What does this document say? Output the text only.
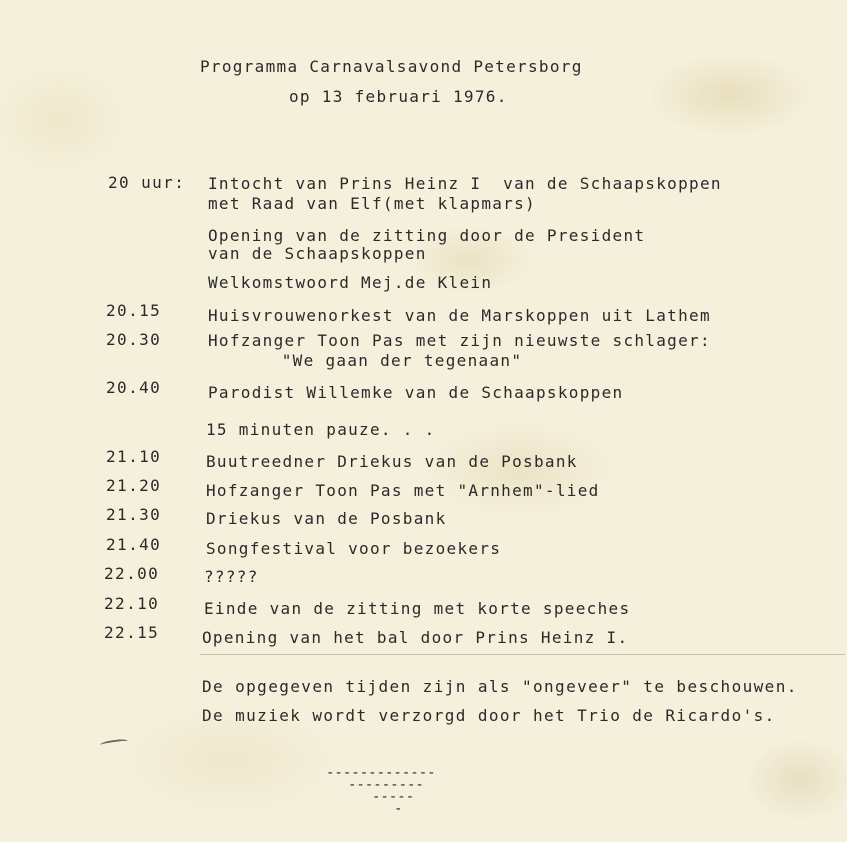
Programma Carnavalsavond Petersborg
op 13 februari 1976.
20 uur: Intocht van Prins Heinz I  van de Schaapskoppen
met Raad van Elf(met klapmars)
Opening van de zitting door de President
van de Schaapskoppen
Welkomstwoord Mej.de Klein
20.15	Huisvrouwenorkest van de Marskoppen uit Lathem
20.30	Hofzanger Toon Pas met zijn nieuwste schlager:
"We gaan der tegenaan"
20.40	Parodist Willemke van de Schaapskoppen
15 minuten pauze. . .
21.10	Buutreedner Driekus van de Posbank
21.20	Hofzanger Toon Pas met "Arnhem"-lied
21.30	Driekus van de Posbank
21.40	Songfestival voor bezoekers
22.00	?????
22.10	Einde van de zitting met korte speeches
22.15	Opening van het bal door Prins Heinz I.
De opgegeven tijden zijn als "ongeveer" te beschouwen.
De muziek wordt verzorgd door het Trio de Ricardo's.
-------------
---------
-----
-
